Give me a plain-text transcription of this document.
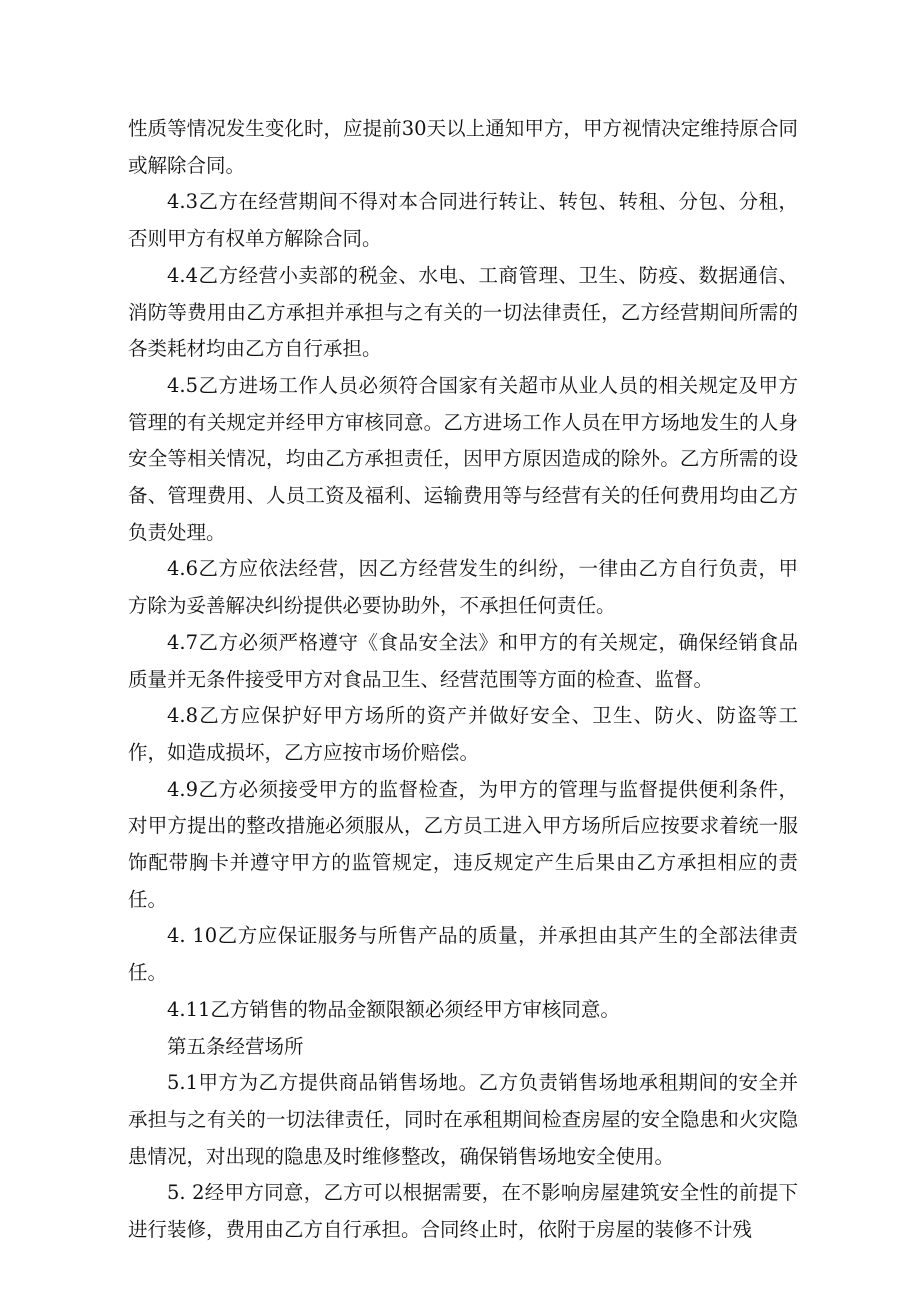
性质等情况发生变化时，应提前30天以上通知甲方，甲方视情决定维持原合同或解除合同。

4.3乙方在经营期间不得对本合同进行转让、转包、转租、分包、分租，否则甲方有权单方解除合同。

4.4乙方经营小卖部的税金、水电、工商管理、卫生、防疫、数据通信、消防等费用由乙方承担并承担与之有关的一切法律责任，乙方经营期间所需的各类耗材均由乙方自行承担。

4.5乙方进场工作人员必须符合国家有关超市从业人员的相关规定及甲方管理的有关规定并经甲方审核同意。乙方进场工作人员在甲方场地发生的人身安全等相关情况，均由乙方承担责任，因甲方原因造成的除外。乙方所需的设备、管理费用、人员工资及福利、运输费用等与经营有关的任何费用均由乙方负责处理。

4.6乙方应依法经营，因乙方经营发生的纠纷，一律由乙方自行负责，甲方除为妥善解决纠纷提供必要协助外，不承担任何责任。

4.7乙方必须严格遵守《食品安全法》和甲方的有关规定，确保经销食品质量并无条件接受甲方对食品卫生、经营范围等方面的检查、监督。

4.8乙方应保护好甲方场所的资产并做好安全、卫生、防火、防盗等工作，如造成损坏，乙方应按市场价赔偿。

4.9乙方必须接受甲方的监督检查，为甲方的管理与监督提供便利条件，对甲方提出的整改措施必须服从，乙方员工进入甲方场所后应按要求着统一服饰配带胸卡并遵守甲方的监管规定，违反规定产生后果由乙方承担相应的责任。

4. 10乙方应保证服务与所售产品的质量，并承担由其产生的全部法律责任。

4.11乙方销售的物品金额限额必须经甲方审核同意。

第五条经营场所

5.1甲方为乙方提供商品销售场地。乙方负责销售场地承租期间的安全并承担与之有关的一切法律责任，同时在承租期间检查房屋的安全隐患和火灾隐患情况，对出现的隐患及时维修整改，确保销售场地安全使用。

5. 2经甲方同意，乙方可以根据需要，在不影响房屋建筑安全性的前提下进行装修，费用由乙方自行承担。合同终止时，依附于房屋的装修不计残
